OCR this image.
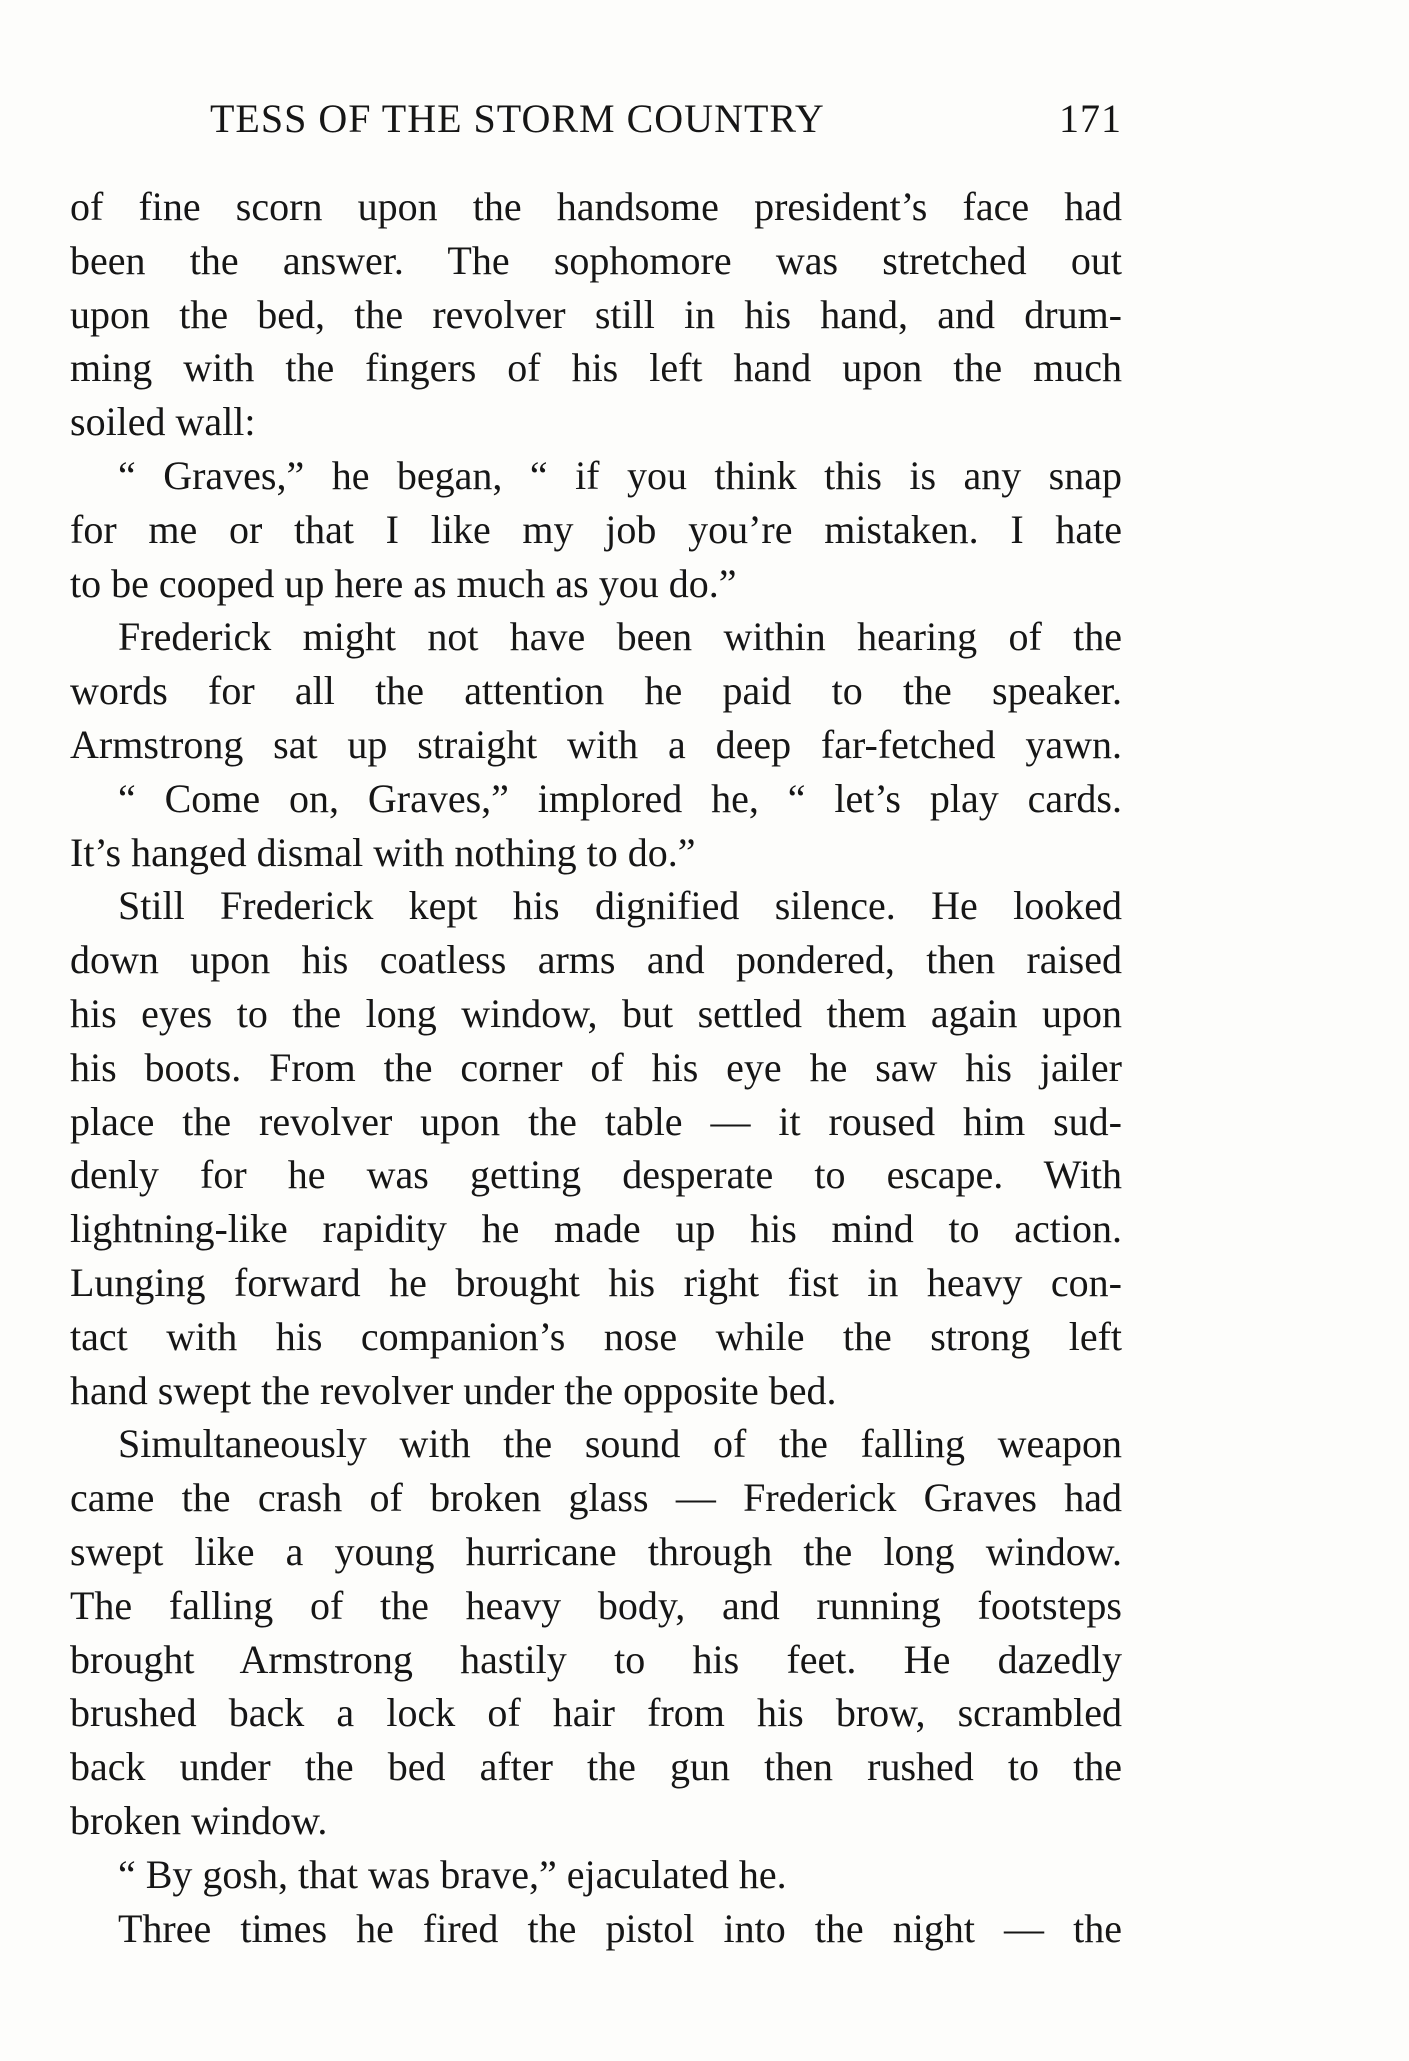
TESS OF THE STORM COUNTRY	171
of fine scorn upon the handsome president’s face had
been the answer. The sophomore was stretched out
upon the bed, the revolver still in his hand, and drum-
ming with the fingers of his left hand upon the much
soiled wall:
“ Graves,” he began, “ if you think this is any snap
for me or that I like my job you’re mistaken. I hate
to be cooped up here as much as you do.”
Frederick might not have been within hearing of the
words for all the attention he paid to the speaker.
Armstrong sat up straight with a deep far-fetched yawn.
“ Come on, Graves,” implored he, “ let’s play cards.
It’s hanged dismal with nothing to do.”
Still Frederick kept his dignified silence. He looked
down upon his coatless arms and pondered, then raised
his eyes to the long window, but settled them again upon
his boots. From the corner of his eye he saw his jailer
place the revolver upon the table — it roused him sud-
denly for he was getting desperate to escape. With
lightning-like rapidity he made up his mind to action.
Lunging forward he brought his right fist in heavy con-
tact with his companion’s nose while the strong left
hand swept the revolver under the opposite bed.
Simultaneously with the sound of the falling weapon
came the crash of broken glass — Frederick Graves had
swept like a young hurricane through the long window.
The falling of the heavy body, and running footsteps
brought Armstrong hastily to his feet. He dazedly
brushed back a lock of hair from his brow, scrambled
back under the bed after the gun then rushed to the
broken window.
“ By gosh, that was brave,” ejaculated he.
Three times he fired the pistol into the night — the
